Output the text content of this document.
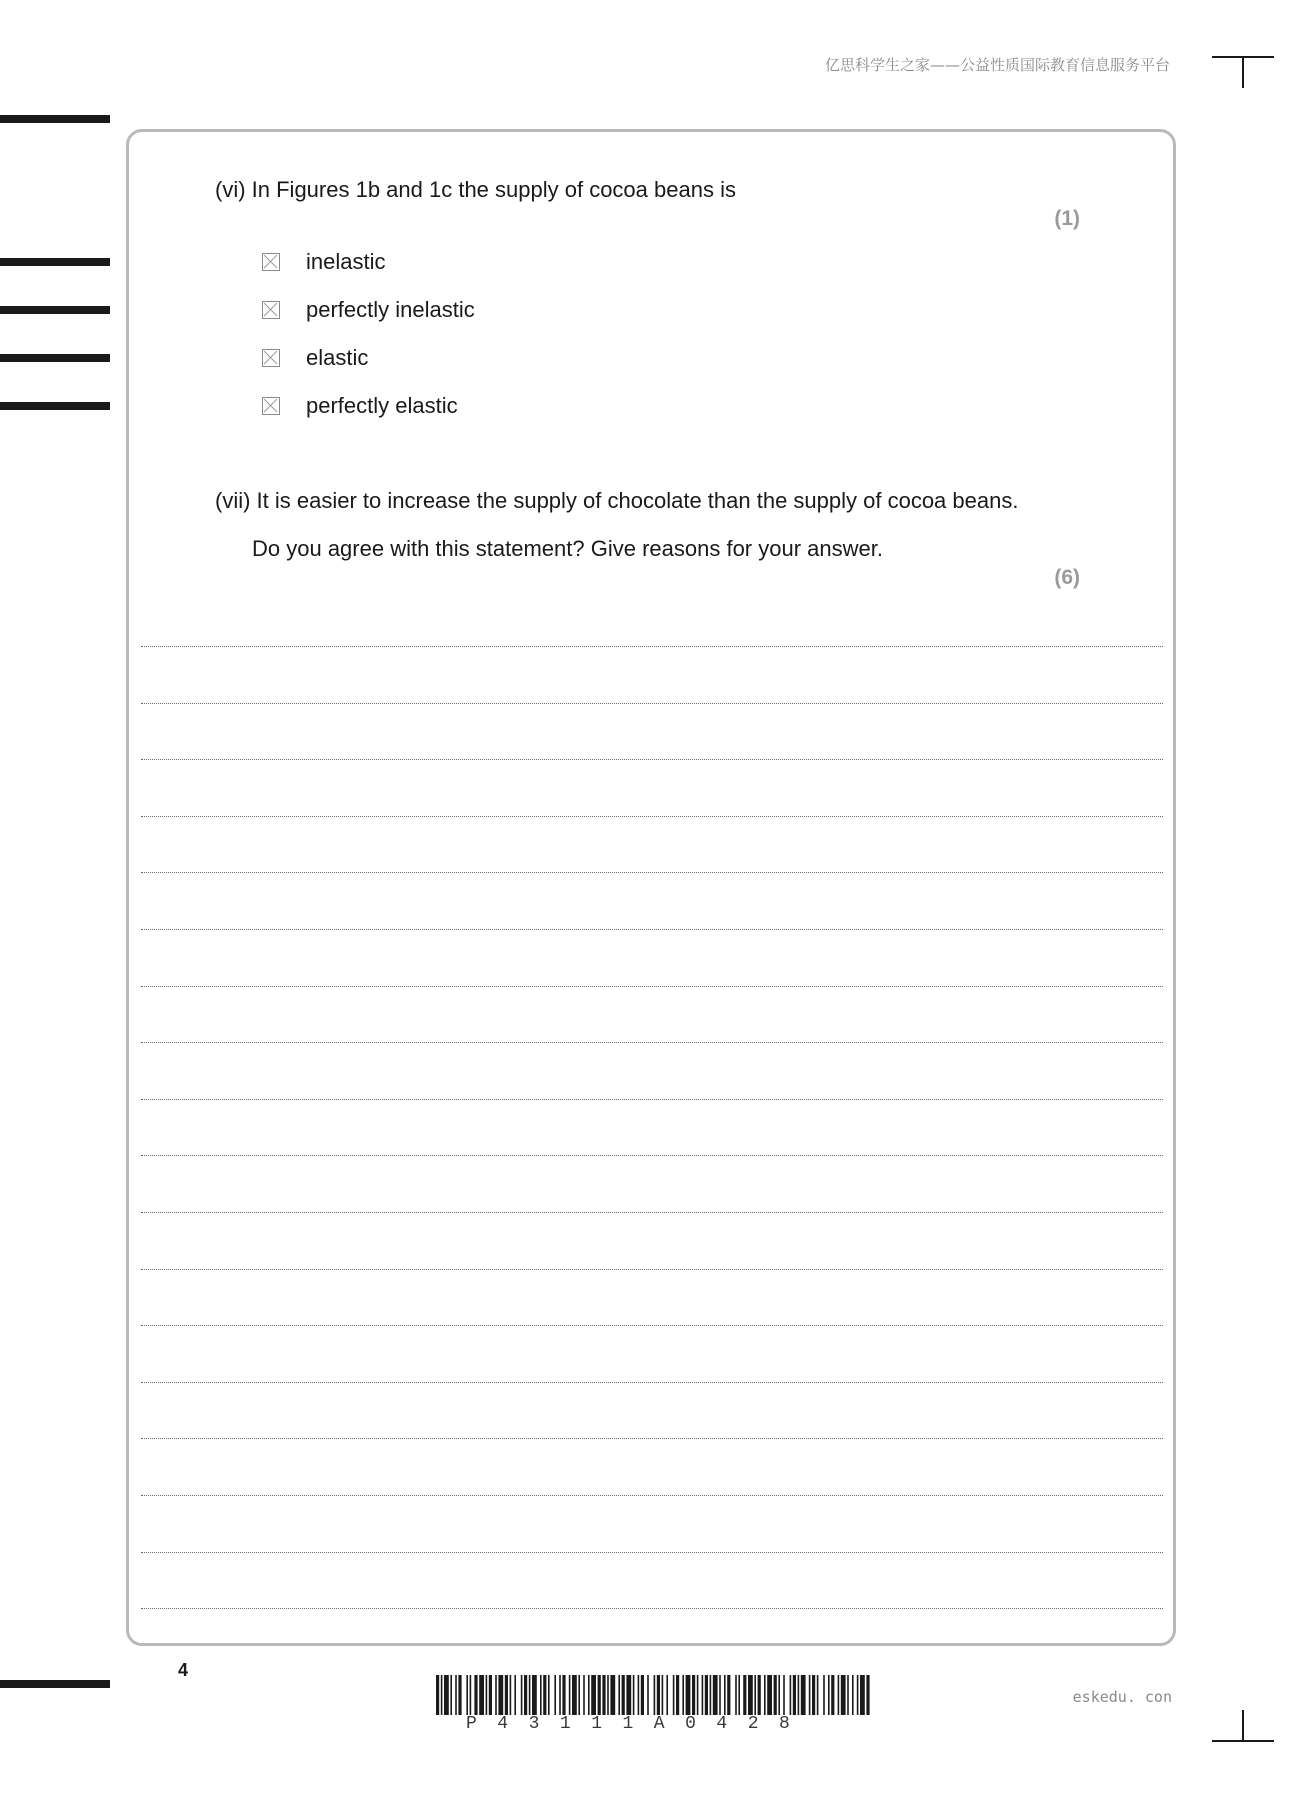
亿思科学生之家——公益性质国际教育信息服务平台
(vi) In Figures 1b and 1c the supply of cocoa beans is
(1)
inelastic
perfectly inelastic
elastic
perfectly elastic
(vii) It is easier to increase the supply of chocolate than the supply of cocoa beans.
Do you agree with this statement? Give reasons for your answer.
(6)
4
P43111A0428
eskedu. con
